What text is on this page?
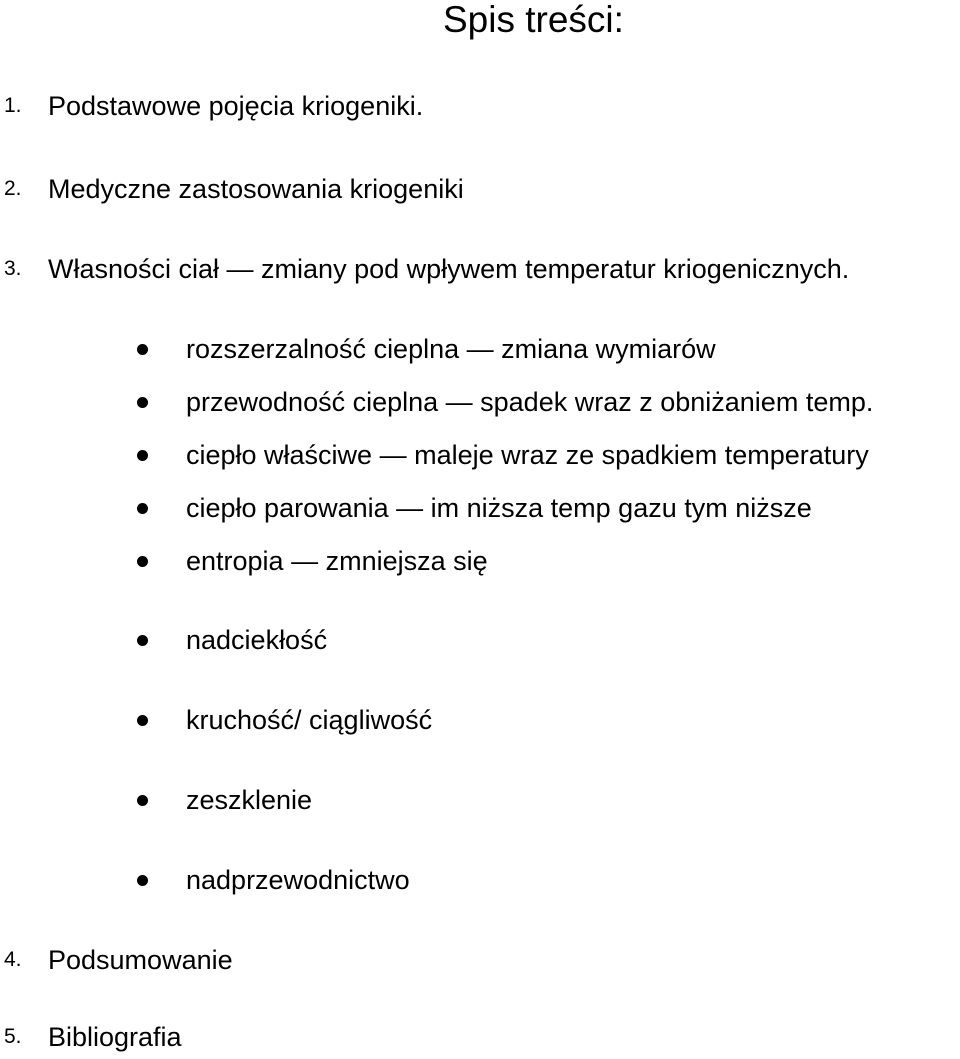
Spis treści:
1. Podstawowe pojęcia kriogeniki.
2. Medyczne zastosowania kriogeniki
3. Własności ciał — zmiany pod wpływem temperatur kriogenicznych.
rozszerzalność cieplna — zmiana wymiarów
przewodność cieplna — spadek wraz z obniżaniem temp.
ciepło właściwe — maleje wraz ze spadkiem temperatury
ciepło parowania — im niższa temp gazu tym niższe
entropia — zmniejsza się
nadciekłość
kruchość/ ciągliwość
zeszklenie
nadprzewodnictwo
4. Podsumowanie
5. Bibliografia
